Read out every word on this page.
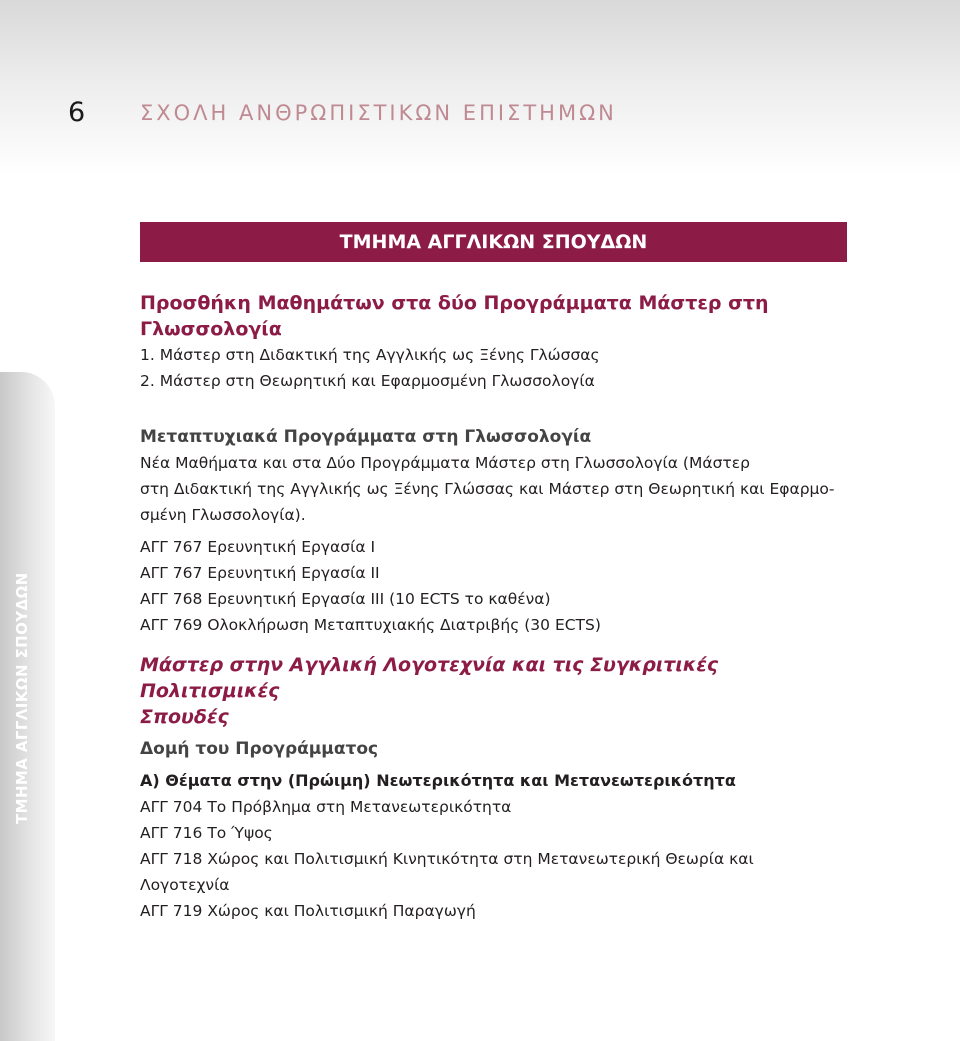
6	ΣΧΟΛΗ ΑΝΘΡΩΠΙΣΤΙΚΩΝ ΕΠΙΣΤΗΜΩΝ
ΤΜΗΜΑ ΑΓΓΛΙΚΩΝ ΣΠΟΥΔΩΝ
ΤΜΗΜΑ ΑΓΓΛΙΚΩΝ ΣΠΟΥΔΩΝ

Προσθήκη Μαθημάτων στα δύο Προγράμματα Μάστερ στη

Γλωσσολογία

1. Μάστερ στη Διδακτική της Αγγλικής ως Ξένης Γλώσσας

2. Μάστερ στη Θεωρητική και Εφαρμοσμένη Γλωσσολογία

Μεταπτυχιακά Προγράμματα στη Γλωσσολογία

Νέα Μαθήματα και στα Δύο Προγράμματα Μάστερ στη Γλωσσολογία (Μάστερ

στη Διδακτική της Αγγλικής ως Ξένης Γλώσσας και Μάστερ στη Θεωρητική και Εφαρμο-

σμένη Γλωσσολογία).

ΑΓΓ 767 Ερευνητική Εργασία Ι

ΑΓΓ 767 Ερευνητική Εργασία ΙΙ

ΑΓΓ 768 Ερευνητική Εργασία ΙΙΙ (10 ECTS το καθένα)

ΑΓΓ 769 Ολοκλήρωση Μεταπτυχιακής Διατριβής (30 ECTS)

Μάστερ στην Αγγλική Λογοτεχνία και τις Συγκριτικές Πολιτισμικές

Σπουδές

Δομή του Προγράμματος

Α) Θέματα στην (Πρώιμη) Νεωτερικότητα και Μετανεωτερικότητα

ΑΓΓ 704 Το Πρόβλημα στη Μετανεωτερικότητα

ΑΓΓ 716 Το Ύψος

ΑΓΓ 718 Χώρος και Πολιτισμική Κινητικότητα στη Μετανεωτερική Θεωρία και Λογοτεχνία

ΑΓΓ 719 Χώρος και Πολιτισμική Παραγωγή
